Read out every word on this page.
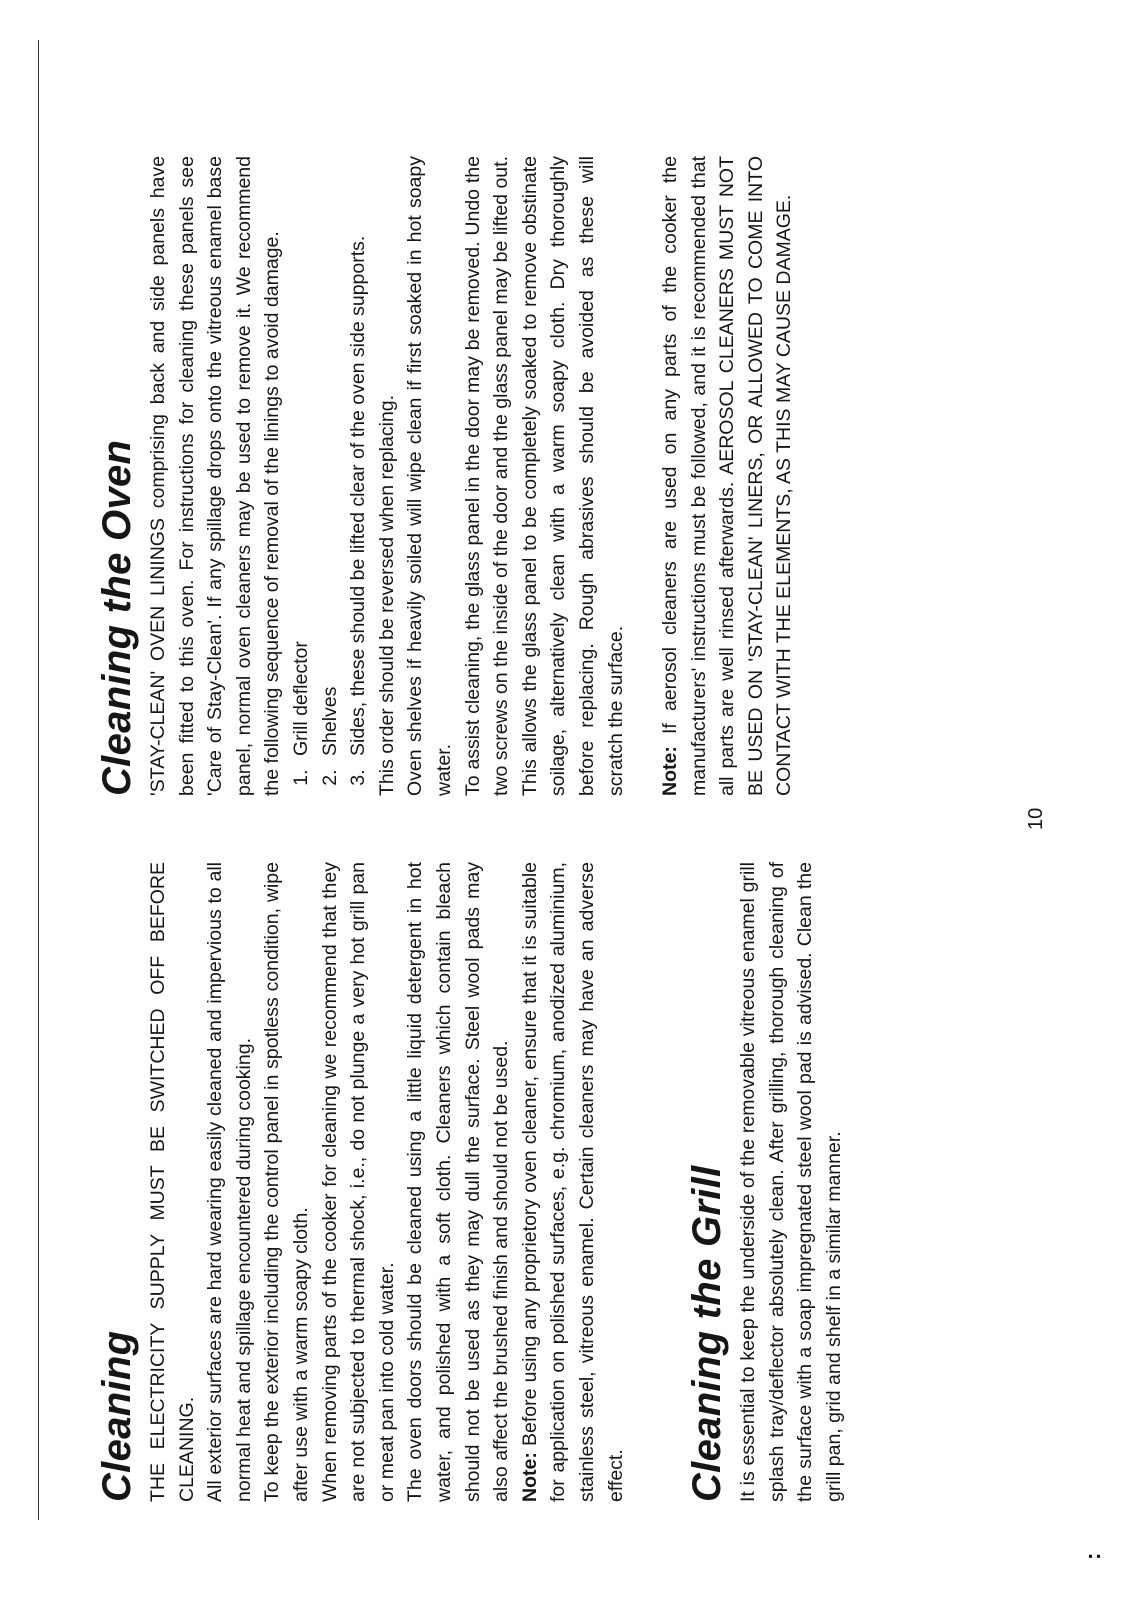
Cleaning THE ELECTRICITY SUPPLY MUST BE SWITCHED OFF BEFORE CLEANING. All exterior surfaces are hard wearing easily cleaned and impervious to all normal heat and spillage encountered during cooking. To keep the exterior including the control panel in spotless condition, wipe after use with a warm soapy cloth. When removing parts of the cooker for cleaning we recommend that they are not subjected to thermal shock, i.e., do not plunge a very hot grill pan or meat pan into cold water. The oven doors should be cleaned using a little liquid detergent in hot water, and polished with a soft cloth. Cleaners which contain bleach should not be used as they may dull the surface. Steel wool pads may also affect the brushed finish and should not be used. Note: Before using any proprietory oven cleaner, ensure that it is suitable for application on polished surfaces, e.g. chromium, anodized aluminium, stainless steel, vitreous enamel. Certain cleaners may have an adverse effect. Cleaning the Grill It is essential to keep the underside of the removable vitreous enamel grill splash tray/deflector absolutely clean. After grilling, thorough cleaning of the surface with a soap impregnated steel wool pad is advised. Clean the grill pan, grid and shelf in a similar manner.

Cleaning the Oven 'STAY-CLEAN' OVEN LININGS comprising back and side panels have been fitted to this oven. For instructions for cleaning these panels see 'Care of Stay-Clean'. If any spillage drops onto the vitreous enamel base panel, normal oven cleaners may be used to remove it. We recommend the following sequence of removal of the linings to avoid damage. 1. Grill deflector 2. Shelves 3. Sides, these should be lifted clear of the oven side supports. This order should be reversed when replacing. Oven shelves if heavily soiled will wipe clean if first soaked in hot soapy water. To assist cleaning, the glass panel in the door may be removed. Undo the two screws on the inside of the door and the glass panel may be lifted out. This allows the glass panel to be completely soaked to remove obstinate soilage, alternatively clean with a warm soapy cloth. Dry thoroughly before replacing. Rough abrasives should be avoided as these will scratch the surface. Note: If aerosol cleaners are used on any parts of the cooker the manufacturers' instructions must be followed, and it is recommended that all parts are well rinsed afterwards. AEROSOL CLEANERS MUST NOT BE USED ON 'STAY-CLEAN' LINERS, OR ALLOWED TO COME INTO CONTACT WITH THE ELEMENTS, AS THIS MAY CAUSE DAMAGE.

10
:
